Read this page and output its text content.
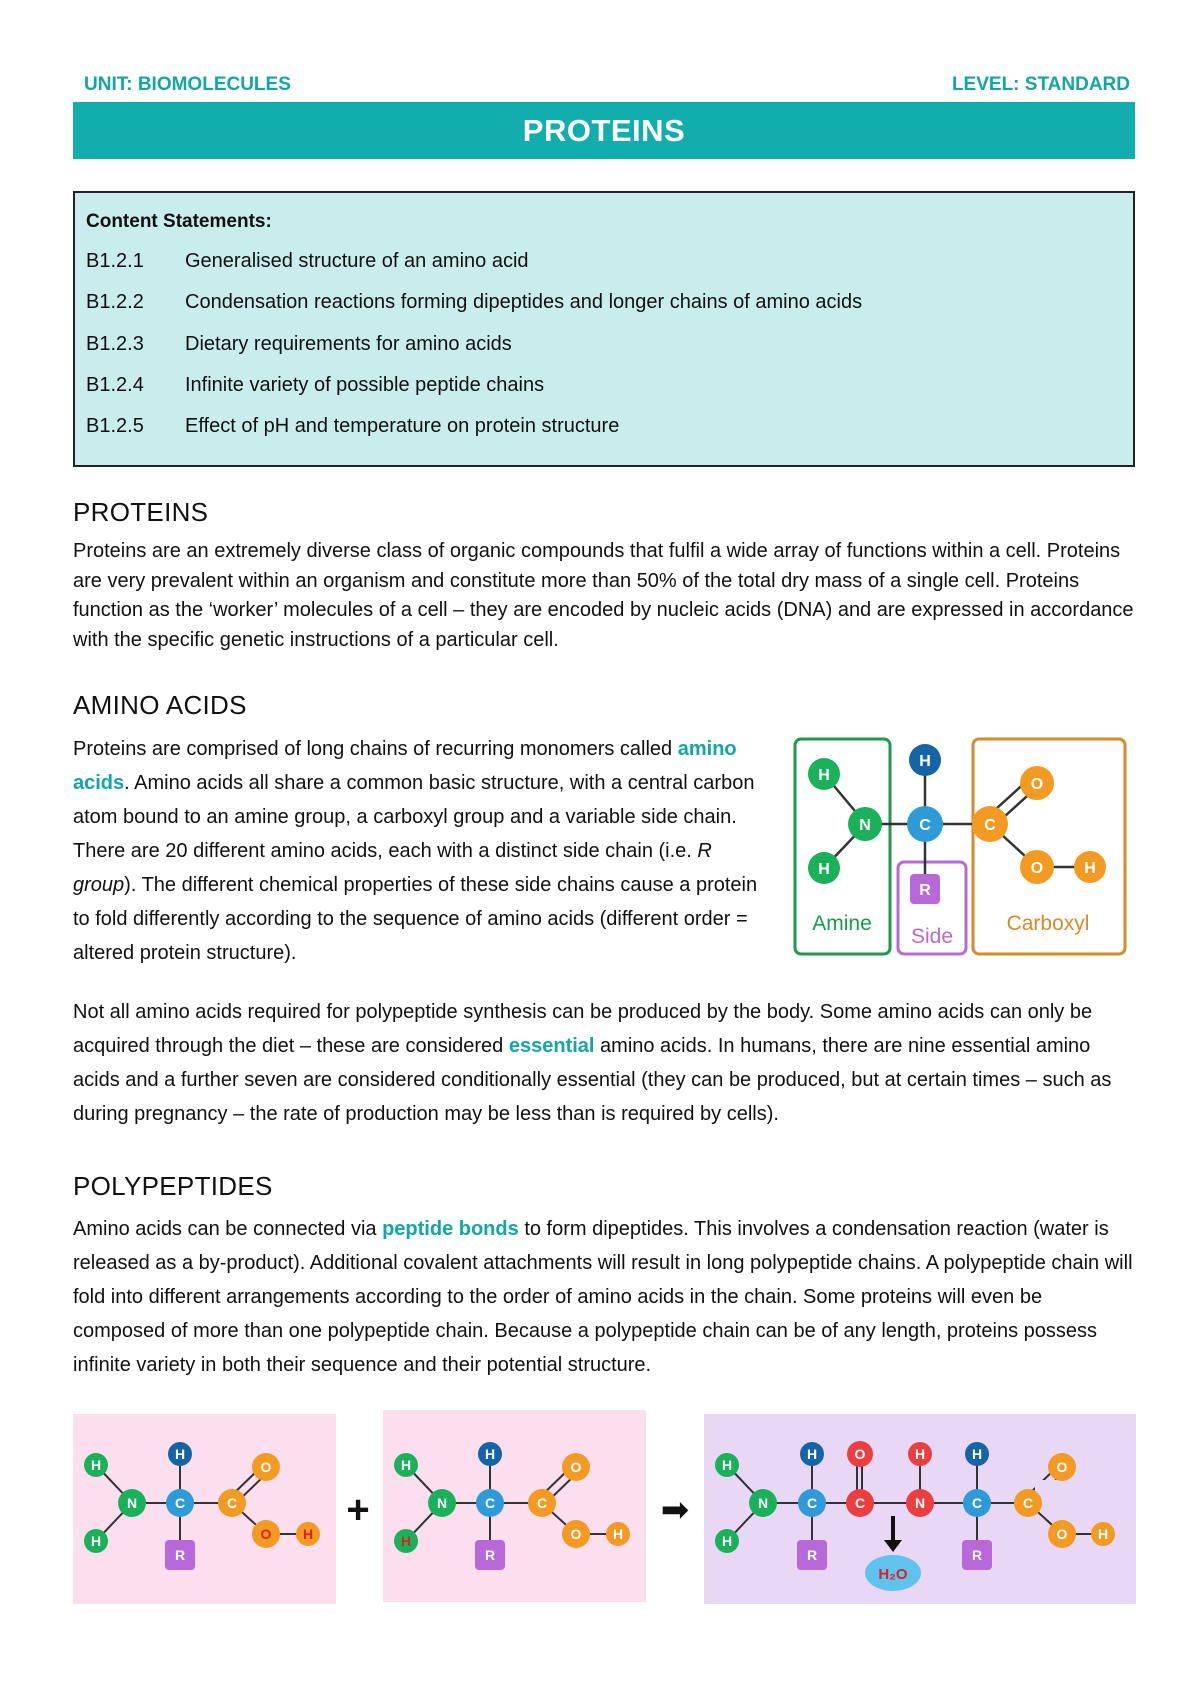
UNIT: BIOMOLECULES	LEVEL: STANDARD
PROTEINS
Content Statements:
B1.2.1	Generalised structure of an amino acid
B1.2.2	Condensation reactions forming dipeptides and longer chains of amino acids
B1.2.3	Dietary requirements for amino acids
B1.2.4	Infinite variety of possible peptide chains
B1.2.5	Effect of pH and temperature on protein structure
PROTEINS

Proteins are an extremely diverse class of organic compounds that fulfil a wide array of functions within a cell. Proteins are very prevalent within an organism and constitute more than 50% of the total dry mass of a single cell. Proteins function as the ‘worker’ molecules of a cell – they are encoded by nucleic acids (DNA) and are expressed in accordance with the specific genetic instructions of a particular cell.

AMINO ACIDS

Proteins are comprised of long chains of recurring monomers called amino acids. Amino acids all share a common basic structure, with a central carbon atom bound to an amine group, a carboxyl group and a variable side chain. There are 20 different amino acids, each with a distinct side chain (i.e. R group). The different chemical properties of these side chains cause a protein to fold differently according to the sequence of amino acids (different order = altered protein structure).

H
N
H
H
C
R
C
O
O	H
Amine
Side
Carboxyl

Not all amino acids required for polypeptide synthesis can be produced by the body. Some amino acids can only be acquired through the diet – these are considered essential amino acids. In humans, there are nine essential amino acids and a further seven are considered conditionally essential (they can be produced, but at certain times – such as during pregnancy – the rate of production may be less than is required by cells).

POLYPEPTIDES

Amino acids can be connected via peptide bonds to form dipeptides. This involves a condensation reaction (water is released as a by-product). Additional covalent attachments will result in long polypeptide chains. A polypeptide chain will fold into different arrangements according to the order of amino acids in the chain. Some proteins will even be composed of more than one polypeptide chain. Because a polypeptide chain can be of any length, proteins possess infinite variety in both their sequence and their potential structure.

H
N
H
H
C
R
C
O
O H
+
H
N
H
H
C
R
C
O
O H
➡
H
N
H
H
C
R
O
C
H
N
H
C
R
C
O
O H
H₂O
